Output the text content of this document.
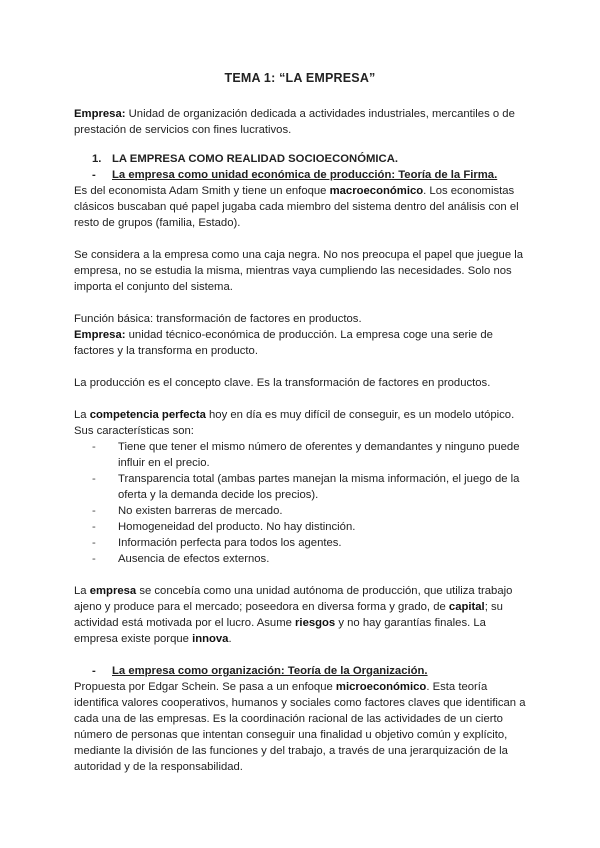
TEMA 1: “LA EMPRESA”

Empresa: Unidad de organización dedicada a actividades industriales, mercantiles o de prestación de servicios con fines lucrativos.

1. LA EMPRESA COMO REALIDAD SOCIOECONÓMICA.
-	La empresa como unidad económica de producción: Teoría de la Firma.

Es del economista Adam Smith y tiene un enfoque macroeconómico. Los economistas clásicos buscaban qué papel jugaba cada miembro del sistema dentro del análisis con el resto de grupos (familia, Estado).

Se considera a la empresa como una caja negra. No nos preocupa el papel que jueguе la empresa, no se estudia la misma, mientras vaya cumpliendo las necesidades. Solo nos importa el conjunto del sistema.

Función básica: transformación de factores en productos.

Empresa: unidad técnico-económica de producción. La empresa coge una serie de factores y la transforma en producto.

La producción es el concepto clave. Es la transformación de factores en productos.

La competencia perfecta hoy en día es muy difícil de conseguir, es un modelo utópico. Sus características son:

-	Tiene que tener el mismo número de oferentes y demandantes y ninguno puede influir en el precio.
-	Transparencia total (ambas partes manejan la misma información, el juego de la oferta y la demanda decide los precios).
-	No existen barreras de mercado.
-	Homogeneidad del producto. No hay distinción.
-	Información perfecta para todos los agentes.
-	Ausencia de efectos externos.

La empresa se concebía como una unidad autónoma de producción, que utiliza trabajo ajeno y produce para el mercado; poseedora en diversa forma y grado, de capital; su actividad está motivada por el lucro. Asume riesgos y no hay garantías finales. La empresa existe porque innova.

-	La empresa como organización: Teoría de la Organización.

Propuesta por Edgar Schein. Se pasa a un enfoque microeconómico. Esta teoría identifica valores cooperativos, humanos y sociales como factores claves que identifican a cada una de las empresas. Es la coordinación racional de las actividades de un cierto número de personas que intentan conseguir una finalidad u objetivo común y explícito, mediante la división de las funciones y del trabajo, a través de una jerarquización de la autoridad y de la responsabilidad.
